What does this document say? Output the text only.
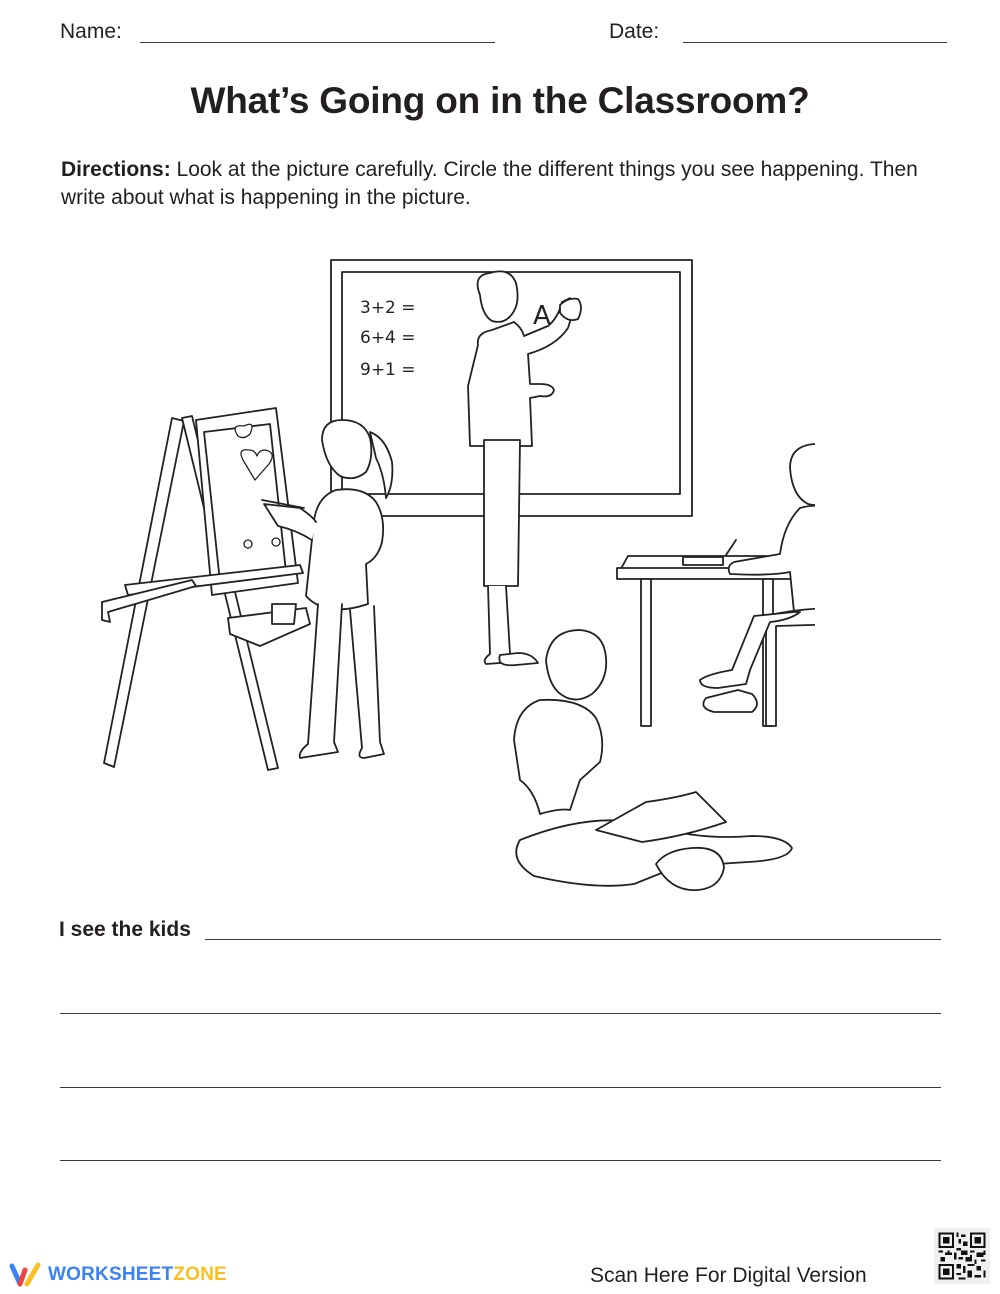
Name:	Date:
What’s Going on in the Classroom?
Directions: Look at the picture carefully. Circle the different things you see happening. Then write about what is happening in the picture.
3+2 =
6+4 =
9+1 =
A
I see the kids
WORKSHEETZONE	Scan Here For Digital Version
